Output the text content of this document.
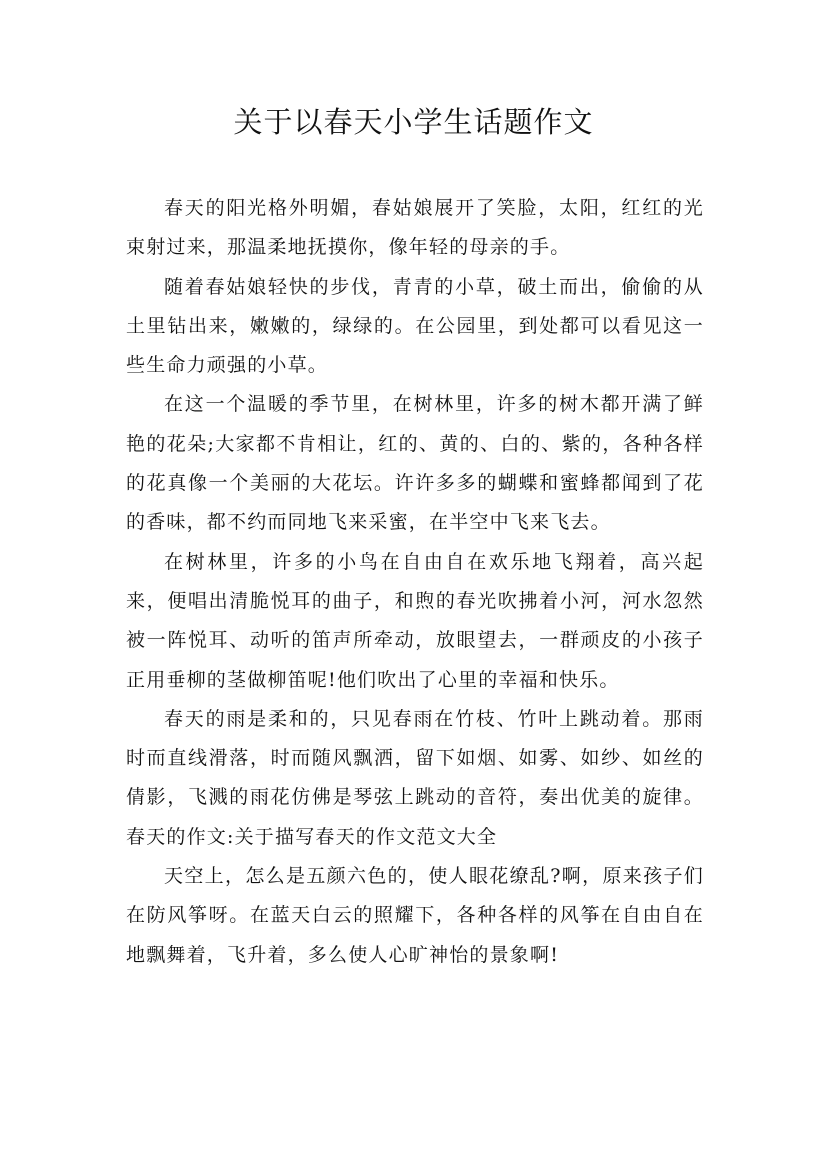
关于以春天小学生话题作文

春天的阳光格外明媚，春姑娘展开了笑脸，太阳，红红的光束射过来，那温柔地抚摸你，像年轻的母亲的手。

随着春姑娘轻快的步伐，青青的小草，破土而出，偷偷的从土里钻出来，嫩嫩的，绿绿的。在公园里，到处都可以看见这一些生命力顽强的小草。

在这一个温暖的季节里，在树林里，许多的树木都开满了鲜艳的花朵;大家都不肯相让，红的、黄的、白的、紫的，各种各样的花真像一个美丽的大花坛。许许多多的蝴蝶和蜜蜂都闻到了花的香味，都不约而同地飞来采蜜，在半空中飞来飞去。

在树林里，许多的小鸟在自由自在欢乐地飞翔着，高兴起来，便唱出清脆悦耳的曲子，和煦的春光吹拂着小河，河水忽然被一阵悦耳、动听的笛声所牵动，放眼望去，一群顽皮的小孩子正用垂柳的茎做柳笛呢!他们吹出了心里的幸福和快乐。

春天的雨是柔和的，只见春雨在竹枝、竹叶上跳动着。那雨时而直线滑落，时而随风飘洒，留下如烟、如雾、如纱、如丝的倩影，飞溅的雨花仿佛是琴弦上跳动的音符，奏出优美的旋律。春天的作文:关于描写春天的作文范文大全

天空上，怎么是五颜六色的，使人眼花缭乱?啊，原来孩子们在防风筝呀。在蓝天白云的照耀下，各种各样的风筝在自由自在地飘舞着，飞升着，多么使人心旷神怡的景象啊!
